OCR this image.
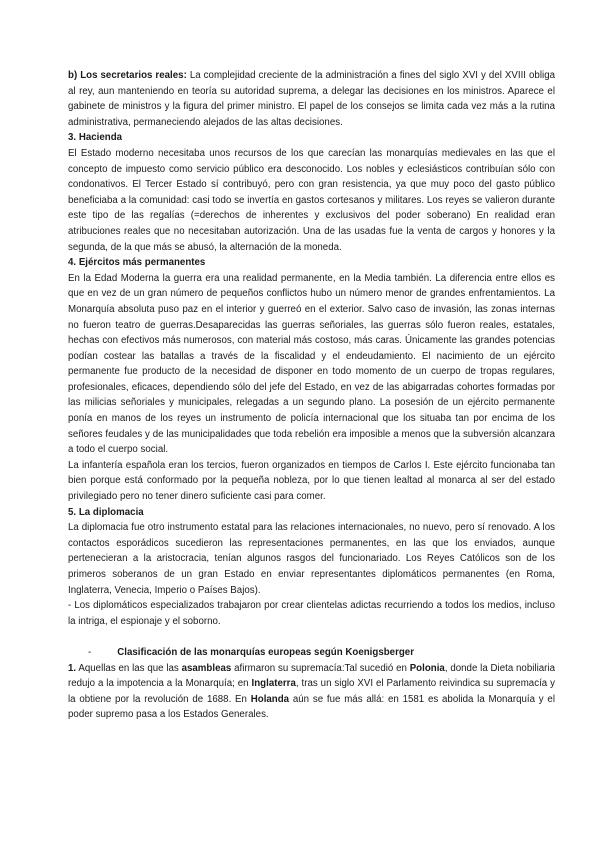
b) Los secretarios reales: La complejidad creciente de la administración a fines del siglo XVI y del XVIII obliga al rey, aun manteniendo en teoría su autoridad suprema, a delegar las decisiones en los ministros. Aparece el gabinete de ministros y la figura del primer ministro. El papel de los consejos se limita cada vez más a la rutina administrativa, permaneciendo alejados de las altas decisiones.

3. Hacienda

El Estado moderno necesitaba unos recursos de los que carecían las monarquías medievales en las que el concepto de impuesto como servicio público era desconocido. Los nobles y eclesiásticos contribuían sólo con condonativos. El Tercer Estado sí contribuyó, pero con gran resistencia, ya que muy poco del gasto público beneficiaba a la comunidad: casi todo se invertía en gastos cortesanos y militares. Los reyes se valieron durante este tipo de las regalías (=derechos de inherentes y exclusivos del poder soberano) En realidad eran atribuciones reales que no necesitaban autorización. Una de las usadas fue la venta de cargos y honores y la segunda, de la que más se abusó, la alternación de la moneda.

4. Ejércitos más permanentes

En la Edad Moderna la guerra era una realidad permanente, en la Media también. La diferencia entre ellos es que en vez de un gran número de pequeños conflictos hubo un número menor de grandes enfrentamientos. La Monarquía absoluta puso paz en el interior y guerreó en el exterior. Salvo caso de invasión, las zonas internas no fueron teatro de guerras.Desaparecidas las guerras señoriales, las guerras sólo fueron reales, estatales, hechas con efectivos más numerosos, con material más costoso, más caras. Únicamente las grandes potencias podían costear las batallas a través de la fiscalidad y el endeudamiento. El nacimiento de un ejército permanente fue producto de la necesidad de disponer en todo momento de un cuerpo de tropas regulares, profesionales, eficaces, dependiendo sólo del jefe del Estado, en vez de las abigarradas cohortes formadas por las milicias señoriales y municipales, relegadas a un segundo plano. La posesión de un ejército permanente ponía en manos de los reyes un instrumento de policía internacional que los situaba tan por encima de los señores feudales y de las municipalidades que toda rebelión era imposible a menos que la subversión alcanzara a todo el cuerpo social.

La infantería española eran los tercios, fueron organizados en tiempos de Carlos I. Este ejército funcionaba tan bien porque está conformado por la pequeña nobleza, por lo que tienen lealtad al monarca al ser del estado privilegiado pero no tener dinero suficiente casi para comer.

5. La diplomacia

La diplomacia fue otro instrumento estatal para las relaciones internacionales, no nuevo, pero sí renovado. A los contactos esporádicos sucedieron las representaciones permanentes, en las que los enviados, aunque pertenecieran a la aristocracia, tenían algunos rasgos del funcionariado. Los Reyes Católicos son de los primeros soberanos de un gran Estado en enviar representantes diplomáticos permanentes (en Roma, Inglaterra, Venecia, Imperio o Países Bajos).

- Los diplomáticos especializados trabajaron por crear clientelas adictas recurriendo a todos los medios, incluso la intriga, el espionaje y el soborno.

-	Clasificación de las monarquías europeas según Koenigsberger

1. Aquellas en las que las asambleas afirmaron su supremacía:Tal sucedió en Polonia, donde la Dieta nobiliaria redujo a la impotencia a la Monarquía; en Inglaterra, tras un siglo XVI el Parlamento reivindica su supremacía y la obtiene por la revolución de 1688. En Holanda aún se fue más allá: en 1581 es abolida la Monarquía y el poder supremo pasa a los Estados Generales.
